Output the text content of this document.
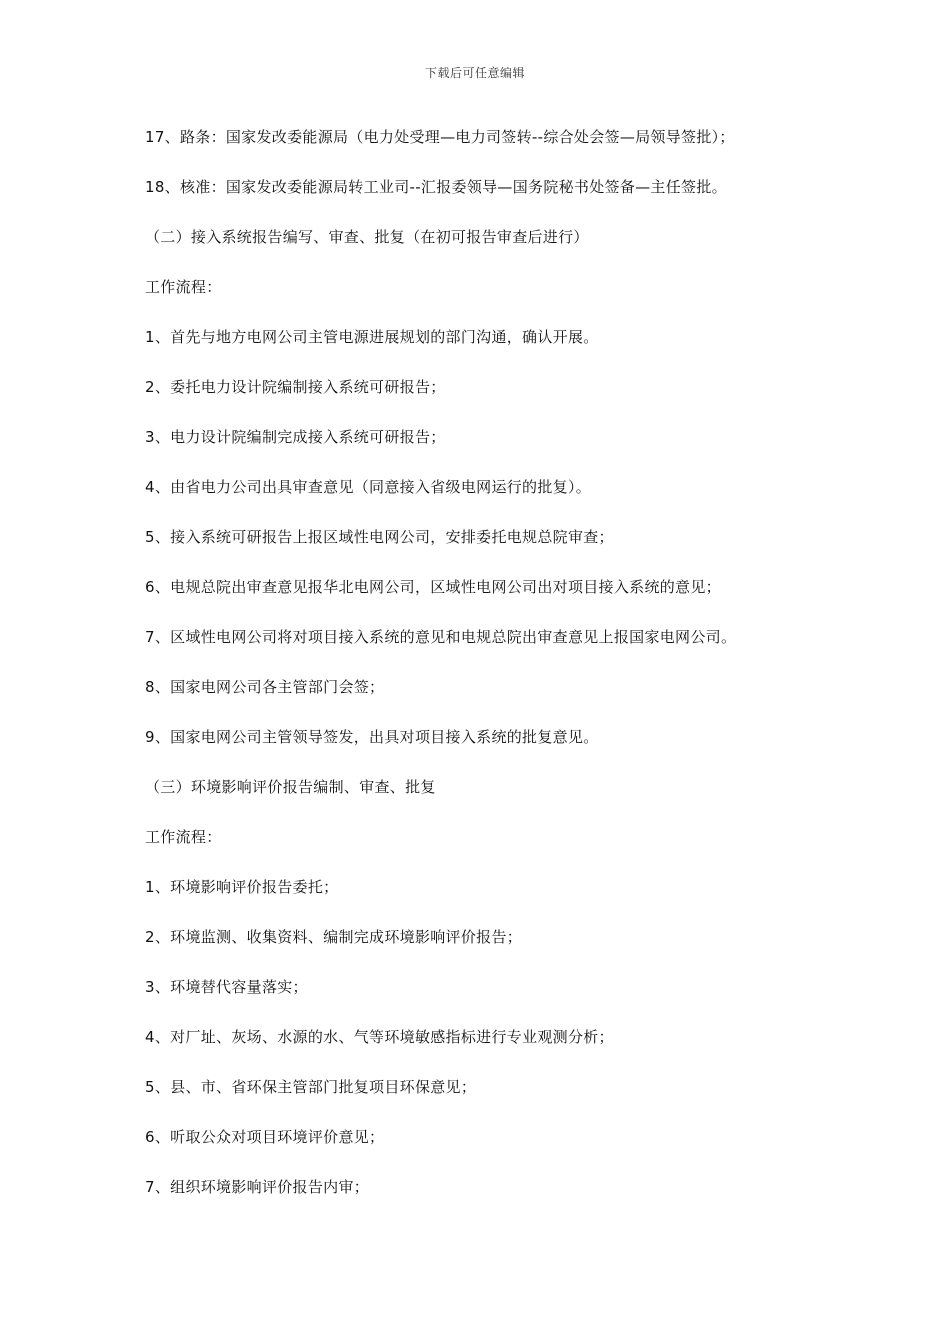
下载后可任意编辑
17、路条：国家发改委能源局（电力处受理—电力司签转--综合处会签—局领导签批）；
18、核准：国家发改委能源局转工业司--汇报委领导—国务院秘书处签备—主任签批。
（二）接入系统报告编写、审查、批复（在初可报告审查后进行）
工作流程：
1、首先与地方电网公司主管电源进展规划的部门沟通，确认开展。
2、委托电力设计院编制接入系统可研报告；
3、电力设计院编制完成接入系统可研报告；
4、由省电力公司出具审查意见（同意接入省级电网运行的批复）。
5、接入系统可研报告上报区域性电网公司，安排委托电规总院审查；
6、电规总院出审查意见报华北电网公司，区域性电网公司出对项目接入系统的意见；
7、区域性电网公司将对项目接入系统的意见和电规总院出审查意见上报国家电网公司。
8、国家电网公司各主管部门会签；
9、国家电网公司主管领导签发，出具对项目接入系统的批复意见。
（三）环境影响评价报告编制、审查、批复
工作流程：
1、环境影响评价报告委托；
2、环境监测、收集资料、编制完成环境影响评价报告；
3、环境替代容量落实；
4、对厂址、灰场、水源的水、气等环境敏感指标进行专业观测分析；
5、县、市、省环保主管部门批复项目环保意见；
6、听取公众对项目环境评价意见；
7、组织环境影响评价报告内审；
